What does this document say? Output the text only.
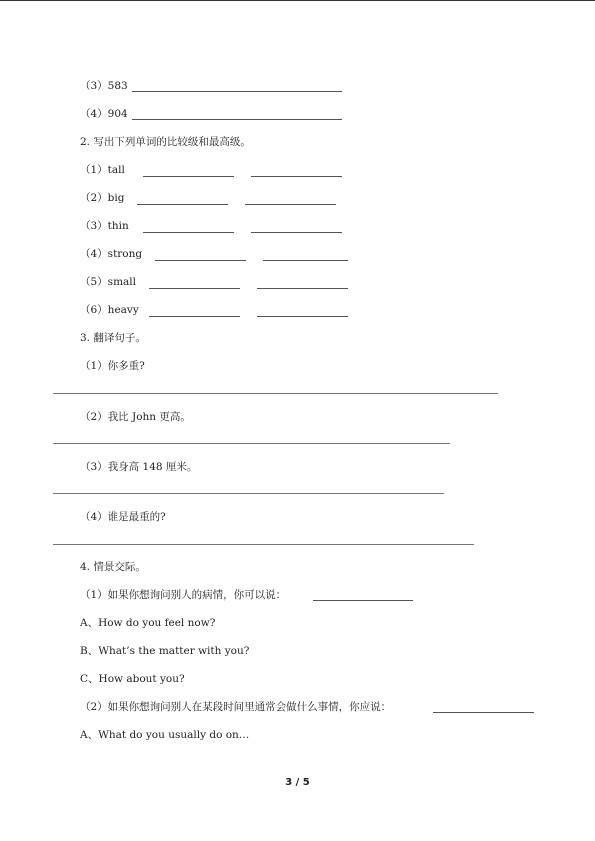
（3）583
（4）904
2. 写出下列单词的比较级和最高级。
（1）tall
（2）big
（3）thin
（4）strong
（5）small
（6）heavy
3. 翻译句子。
（1）你多重?
（2）我比 John 更高。
（3）我身高 148 厘米。
（4）谁是最重的?
4. 情景交际。
（1）如果你想询问别人的病情，你可以说：
A、How do you feel now?
B、What’s the matter with you?
C、How about you?
（2）如果你想询问别人在某段时间里通常会做什么事情，你应说：
A、What do you usually do on…
3 / 5
